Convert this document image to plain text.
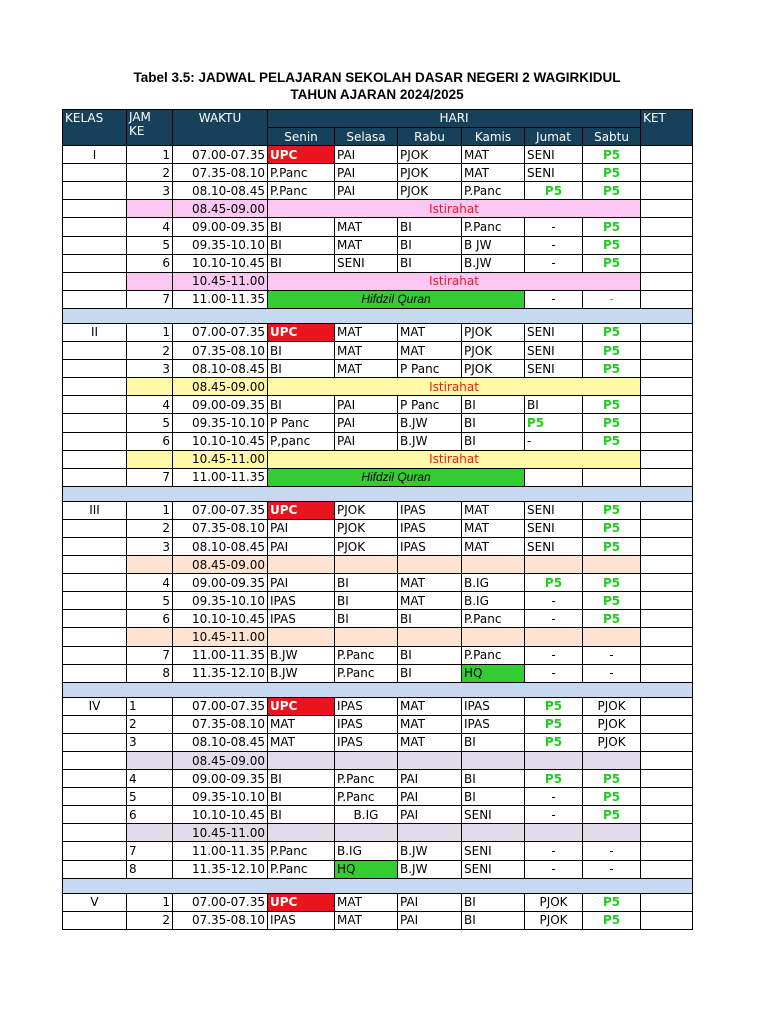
Tabel 3.5: JADWAL PELAJARAN SEKOLAH DASAR NEGERI 2 WAGIRKIDUL
TAHUN AJARAN 2024/2025
KELAS	JAM KE	WAKTU	HARI						KET
			Senin	Selasa	Rabu	Kamis	Jumat	Sabtu	
I	1	07.00-07.35	UPC	PAI	PJOK	MAT	SENI	P5	
	2	07.35-08.10	P.Panc	PAI	PJOK	MAT	SENI	P5	
	3	08.10-08.45	P.Panc	PAI	PJOK	P.Panc	P5	P5	
		08.45-09.00	Istirahat						
	4	09.00-09.35	BI	MAT	BI	P.Panc	-	P5	
	5	09.35-10.10	BI	MAT	BI	B JW	-	P5	
	6	10.10-10.45	BI	SENI	BI	B.JW	-	P5	
		10.45-11.00	Istirahat						
	7	11.00-11.35	Hifdzil Quran				-	-	

II	1	07.00-07.35	UPC	MAT	MAT	PJOK	SENI	P5	
	2	07.35-08.10	BI	MAT	MAT	PJOK	SENI	P5	
	3	08.10-08.45	BI	MAT	P Panc	PJOK	SENI	P5	
		08.45-09.00	Istirahat						
	4	09.00-09.35	BI	PAI	P Panc	BI	BI	P5	
	5	09.35-10.10	P Panc	PAI	B.JW	BI	P5	P5	
	6	10.10-10.45	P,panc	PAI	B.JW	BI	-	P5	
		10.45-11.00	Istirahat						
	7	11.00-11.35	Hifdzil Quran						

III	1	07.00-07.35	UPC	PJOK	IPAS	MAT	SENI	P5	
	2	07.35-08.10	PAI	PJOK	IPAS	MAT	SENI	P5	
	3	08.10-08.45	PAI	PJOK	IPAS	MAT	SENI	P5	
		08.45-09.00							
	4	09.00-09.35	PAI	BI	MAT	B.IG	P5	P5	
	5	09.35-10.10	IPAS	BI	MAT	B.IG	-	P5	
	6	10.10-10.45	IPAS	BI	BI	P.Panc	-	P5	
		10.45-11.00							
	7	11.00-11.35	B.JW	P.Panc	BI	P.Panc	-	-	
	8	11.35-12.10	B.JW	P.Panc	BI	HQ	-	-	

IV	1	07.00-07.35	UPC	IPAS	MAT	IPAS	P5	PJOK	
	2	07.35-08.10	MAT	IPAS	MAT	IPAS	P5	PJOK	
	3	08.10-08.45	MAT	IPAS	MAT	BI	P5	PJOK	
		08.45-09.00							
	4	09.00-09.35	BI	P.Panc	PAI	BI	P5	P5	
	5	09.35-10.10	BI	P.Panc	PAI	BI	-	P5	
	6	10.10-10.45	BI	B.IG	PAI	SENI	-	P5	
		10.45-11.00							
	7	11.00-11.35	P.Panc	B.IG	B.JW	SENI	-	-	
	8	11.35-12.10	P.Panc	HQ	B.JW	SENI	-	-	

V	1	07.00-07.35	UPC	MAT	PAI	BI	PJOK	P5	
	2	07.35-08.10	IPAS	MAT	PAI	BI	PJOK	P5	
